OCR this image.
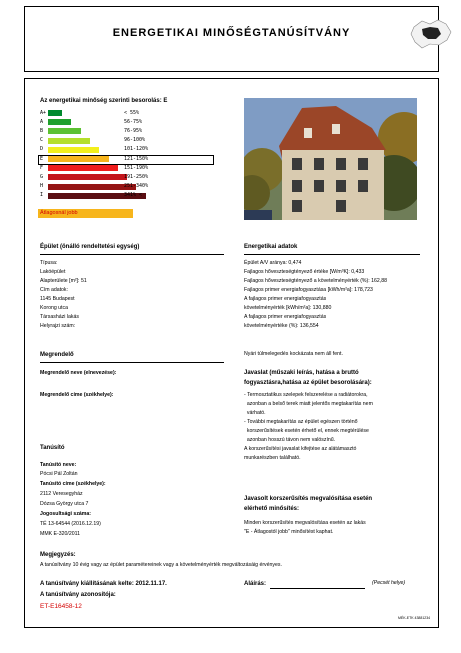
ENERGETIKAI MINŐSÉGTANÚSÍTVÁNY
Az energetikai minőség szerinti besorolás: E
A+	< 55%
A	56-75%
B	76-95%
C	96-100%
D	101-120%
E	121-150%
F	151-190%
G	191-250%
H	251-340%
I	341% <
Átlagosnál jobb
Épület (önálló rendeltetési egység)
Típusa:
Lakóépület
Alapterülete [m²]: 51
Cím adatok:
1145 Budapest
Korong utca
Társasházi lakás
Helyrajzi szám:
Energetikai adatok
Épület A/V aránya: 0,474
Fajlagos hőveszteségtényező értéke [W/m³K]: 0,433
Fajlagos hőveszteségtényező a követelményérték (%): 162,88
Fajlagos primer energiafogyasztása [kWh/m²a]: 178,723
A fajlagos primer energiafogyasztás
követelményérték [kWh/m²a]: 130,880
A fajlagos primer energiafogyasztás
követelményértéke (%): 136,554
Nyári túlmelegedés kockázata nem áll fent.
Megrendelő
Megrendelő neve (elnevezése):
Megrendelő címe (székhelye):
Javaslat (műszaki leírás, hatása a bruttó
fogyasztásra,hatása az épület besorolására):
- Termosztatikus szelepek felszerelése a radiátorokra,
azonban a belső terek miatt jelentős megtakarítás nem
várható.
- További megtakarítás az épület egészen történő
korszerűsítések esetén érhető el, ennek megtérülése
azonban hosszú távon nem valószínű.
A korszerűsítési javaslat kifejtése az alátámasztó
munkarészben található.
Tanúsító
Tanúsító neve:
Pócsi Pál Zoltán
Tanúsító címe (székhelye):
2112 Veresegyház
Dózsa György utca 7
Jogosultsági száma:
TÉ 13-64544 (2016.12.19)
MMK E-320/2011
Javasolt korszerűsítés megvalósítása esetén
elérhető minősítés:
Minden korszerűsítés megvalósítása esetén az lakás
"E - Átlagostól jobb" minősítést kaphat.
Megjegyzés:
A tanúsítvány 10 évig vagy az épület paramétereinek vagy a követelményérték megváltozásáig érvényes.
A tanúsítvány kiállításának kelte: 2012.11.17.	Aláírás:	(Pecsét helye)
A tanúsítvány azonosítója:
ET-E16458-12
MÉK-ETK 43881234
